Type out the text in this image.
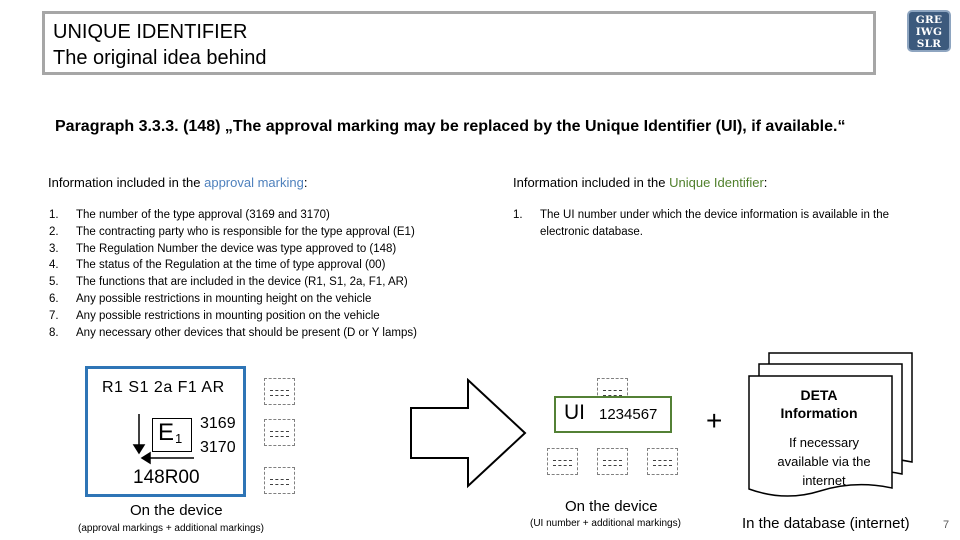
UNIQUE IDENTIFIER
The original idea behind
GRE
IWG
SLR
Paragraph 3.3.3. (148) „The approval marking may be replaced by the Unique Identifier (UI), if available.“
Information included in the approval marking:
1.	The number of the type approval (3169 and 3170)
2.	The contracting party who is responsible for the type approval (E1)
3.	The Regulation Number the device was type approved to (148)
4.	The status of the Regulation at the time of type approval (00)
5.	The functions that are included in the device (R1, S1, 2a, F1, AR)
6.	Any possible restrictions in mounting height on the vehicle
7.	Any possible restrictions in mounting position on the vehicle
8.	Any necessary other devices that should be present (D or Y lamps)
Information included in the Unique Identifier:
1.	The UI number under which the device information is available in the
electronic database.
R1 S1 2a F1 AR
E 1
3169
3170
148R00
On the device
(approval markings + additional markings)
UI 1234567
On the device
(UI number + additional markings)
+
DETA
Information
If necessary
available via the
internet
In the database (internet)	7
